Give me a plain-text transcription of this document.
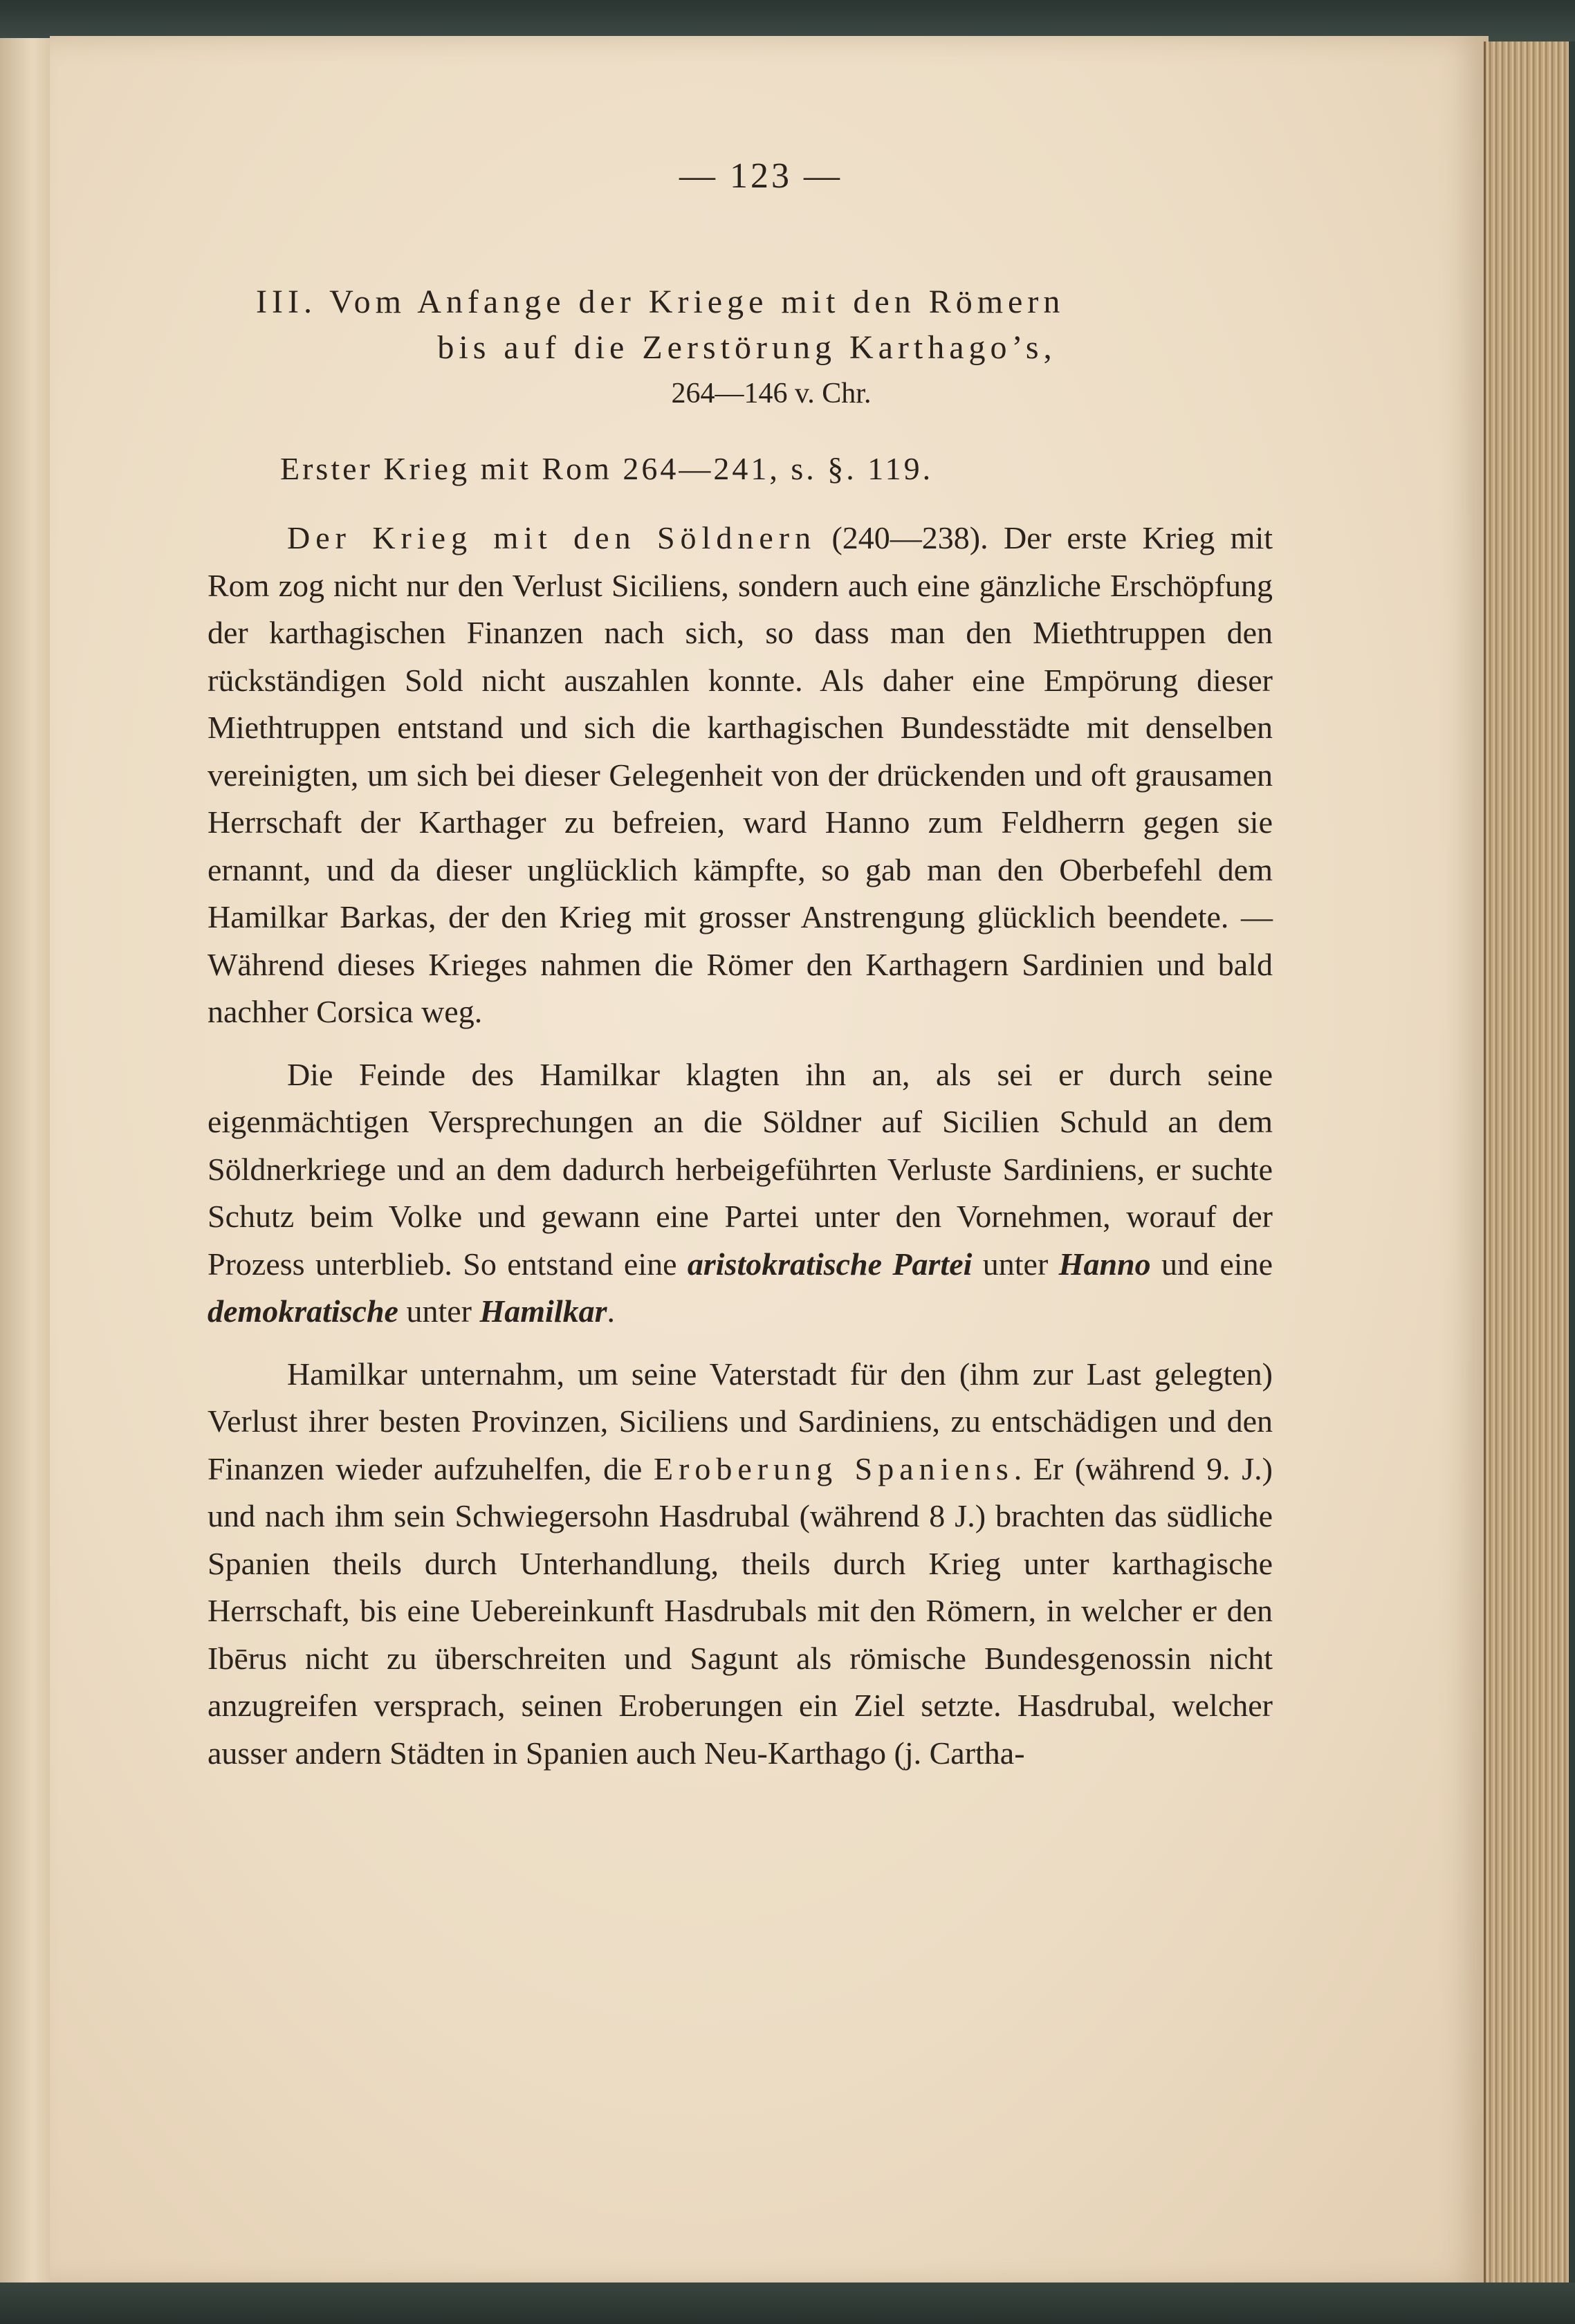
— 123 —

III. Vom Anfange der Kriege mit den Römern

bis auf die Zerstörung Karthago’s,

264—146 v. Chr.

Erster Krieg mit Rom 264—241, s. §. 119.

Der Krieg mit den Söldnern (240—238). Der erste Krieg mit Rom zog nicht nur den Verlust Siciliens, sondern auch eine gänzliche Erschöpfung der karthagischen Finanzen nach sich, so dass man den Miethtruppen den rückständigen Sold nicht auszahlen konnte. Als daher eine Empörung dieser Miethtruppen entstand und sich die karthagischen Bundesstädte mit denselben vereinigten, um sich bei dieser Gelegenheit von der drückenden und oft grausamen Herrschaft der Karthager zu befreien, ward Hanno zum Feldherrn gegen sie ernannt, und da dieser unglücklich kämpfte, so gab man den Oberbefehl dem Hamilkar Barkas, der den Krieg mit grosser Anstrengung glücklich beendete. — Während dieses Krieges nahmen die Römer den Karthagern Sardinien und bald nachher Corsica weg.

Die Feinde des Hamilkar klagten ihn an, als sei er durch seine eigenmächtigen Versprechungen an die Söldner auf Sicilien Schuld an dem Söldnerkriege und an dem dadurch herbeigeführten Verluste Sardiniens, er suchte Schutz beim Volke und gewann eine Partei unter den Vornehmen, worauf der Prozess unterblieb. So entstand eine aristokratische Partei unter Hanno und eine demokratische unter Hamilkar.

Hamilkar unternahm, um seine Vaterstadt für den (ihm zur Last gelegten) Verlust ihrer besten Provinzen, Siciliens und Sardiniens, zu entschädigen und den Finanzen wieder aufzuhelfen, die Eroberung Spaniens. Er (während 9. J.) und nach ihm sein Schwiegersohn Hasdrubal (während 8 J.) brachten das südliche Spanien theils durch Unterhandlung, theils durch Krieg unter karthagische Herrschaft, bis eine Uebereinkunft Hasdrubals mit den Römern, in welcher er den Ibērus nicht zu überschreiten und Sagunt als römische Bundesgenossin nicht anzugreifen versprach, seinen Eroberungen ein Ziel setzte. Hasdrubal, welcher ausser andern Städten in Spanien auch Neu-Karthago (j. Cartha-
